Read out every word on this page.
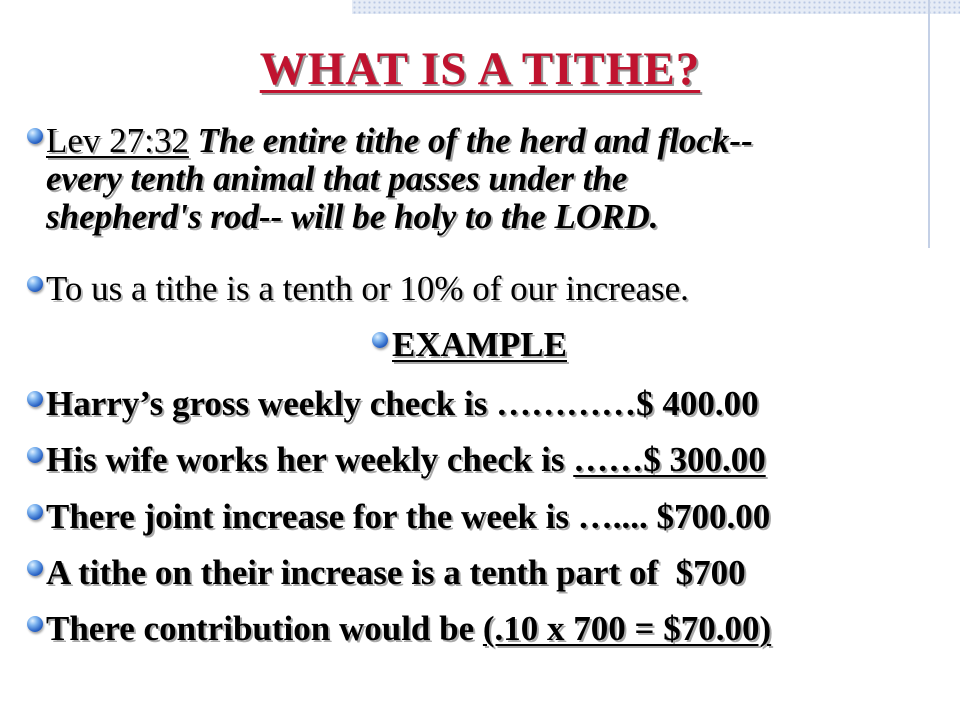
WHAT IS A TITHE?
Lev 27:32 The entire tithe of the herd and flock--
every tenth animal that passes under the
shepherd's rod-- will be holy to the LORD.
To us a tithe is a tenth or 10% of our increase.
EXAMPLE
Harry’s gross weekly check is …………$ 400.00
His wife works her weekly check is ……$ 300.00
There joint increase for the week is ….... $700.00
A tithe on their increase is a tenth part of  $700
There contribution would be (.10 x 700 = $70.00)
